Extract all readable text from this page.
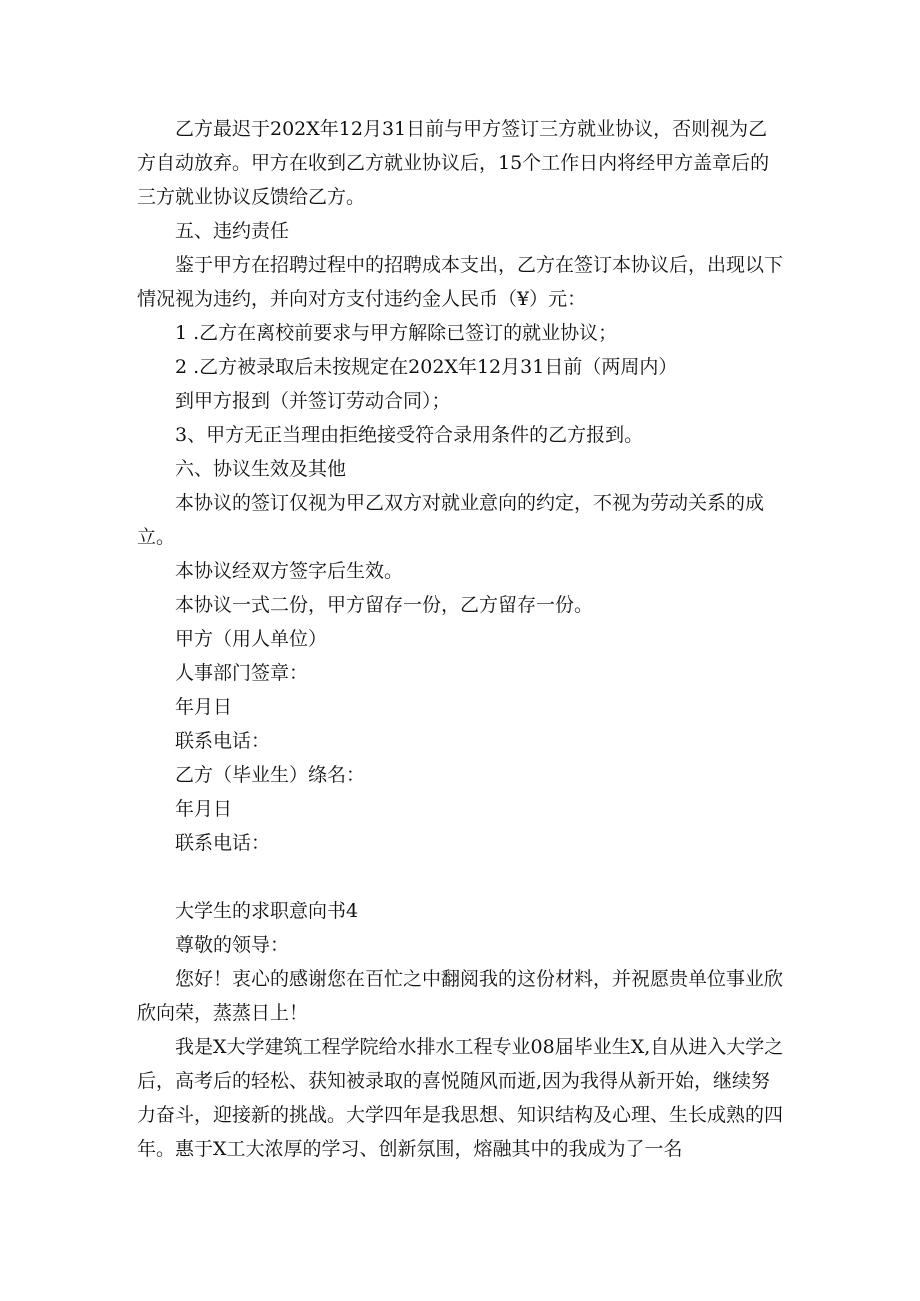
乙方最迟于202X年12月31日前与甲方签订三方就业协议，否则视为乙方自动放弃。甲方在收到乙方就业协议后，15个工作日内将经甲方盖章后的三方就业协议反馈给乙方。

五、违约责任

鉴于甲方在招聘过程中的招聘成本支出，乙方在签订本协议后，出现以下情况视为违约，并向对方支付违约金人民币（¥）元：

1 .乙方在离校前要求与甲方解除已签订的就业协议；

2 .乙方被录取后未按规定在202X年12月31日前（两周内）

到甲方报到（并签订劳动合同）；

3、甲方无正当理由拒绝接受符合录用条件的乙方报到。

六、协议生效及其他

本协议的签订仅视为甲乙双方对就业意向的约定，不视为劳动关系的成立。

本协议经双方签字后生效。

本协议一式二份，甲方留存一份，乙方留存一份。

甲方（用人单位）

人事部门签章：

年月日

联系电话：

乙方（毕业生）绦名：

年月日

联系电话：

大学生的求职意向书4

尊敬的领导：

您好！衷心的感谢您在百忙之中翻阅我的这份材料，并祝愿贵单位事业欣欣向荣，蒸蒸日上！

我是X大学建筑工程学院给水排水工程专业08届毕业生X,自从进入大学之后，高考后的轻松、获知被录取的喜悦随风而逝,因为我得从新开始，继续努力奋斗，迎接新的挑战。大学四年是我思想、知识结构及心理、生长成熟的四年。惠于X工大浓厚的学习、创新氛围，熔融其中的我成为了一名
